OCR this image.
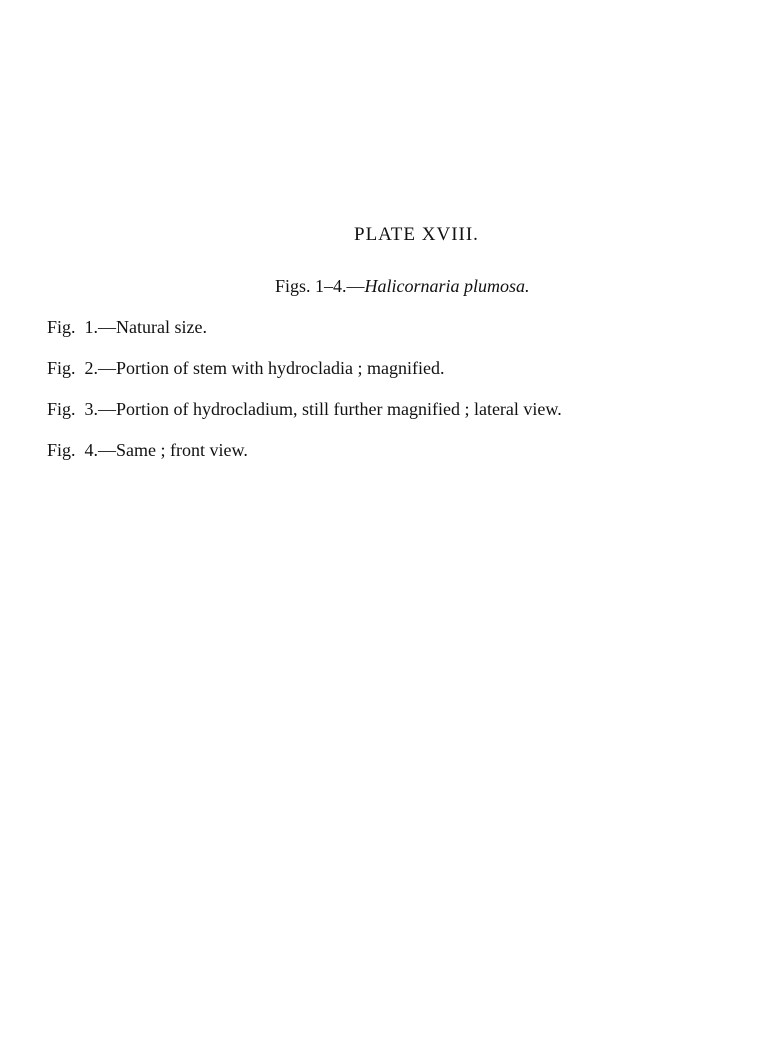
PLATE XVIII.
Figs. 1–4.—Halicornaria plumosa.
Fig. 1.—Natural size.
Fig. 2.—Portion of stem with hydrocladia ; magnified.
Fig. 3.—Portion of hydrocladium, still further magnified ; lateral view.
Fig. 4.—Same ; front view.
